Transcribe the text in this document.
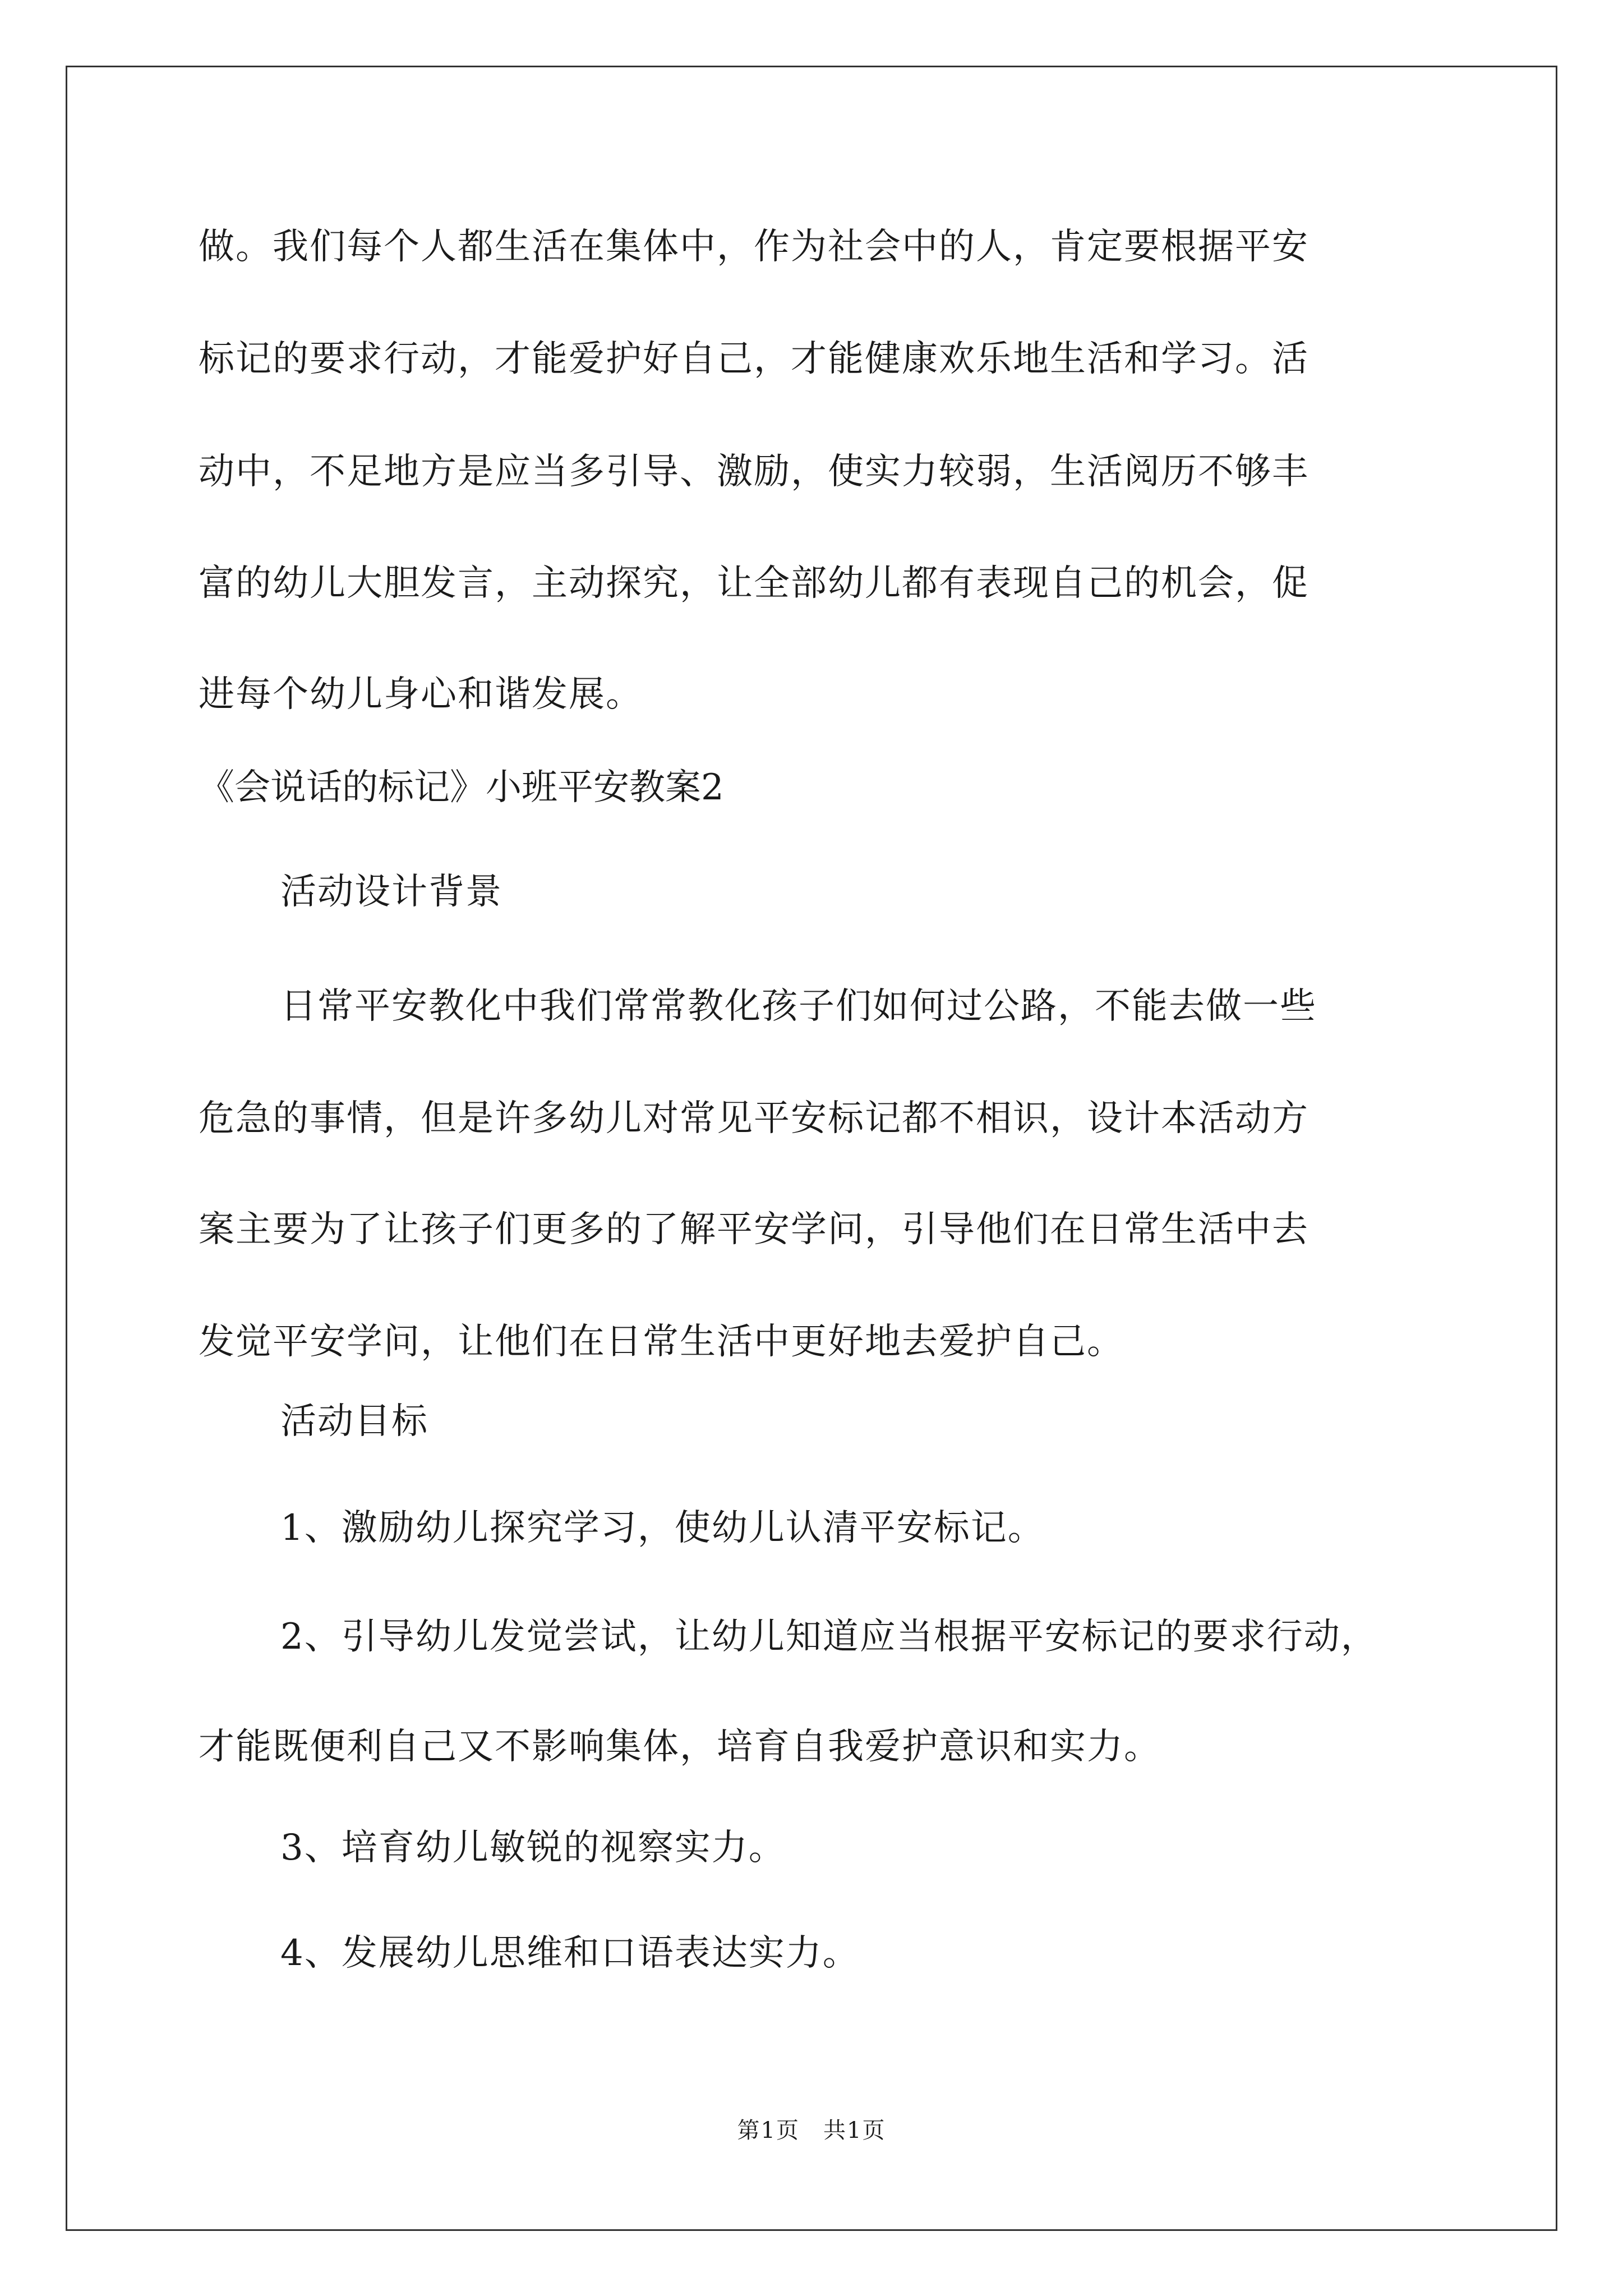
做。我们每个人都生活在集体中，作为社会中的人，肯定要根据平安
标记的要求行动，才能爱护好自己，才能健康欢乐地生活和学习。活
动中，不足地方是应当多引导、激励，使实力较弱，生活阅历不够丰
富的幼儿大胆发言，主动探究，让全部幼儿都有表现自己的机会，促
进每个幼儿身心和谐发展。
《会说话的标记》小班平安教案2
活动设计背景
日常平安教化中我们常常教化孩子们如何过公路，不能去做一些
危急的事情，但是许多幼儿对常见平安标记都不相识，设计本活动方
案主要为了让孩子们更多的了解平安学问，引导他们在日常生活中去
发觉平安学问，让他们在日常生活中更好地去爱护自己。
活动目标
1、激励幼儿探究学习，使幼儿认清平安标记。
2、引导幼儿发觉尝试，让幼儿知道应当根据平安标记的要求行动，
才能既便利自己又不影响集体，培育自我爱护意识和实力。
3、培育幼儿敏锐的视察实力。
4、发展幼儿思维和口语表达实力。
第1页　共1页
